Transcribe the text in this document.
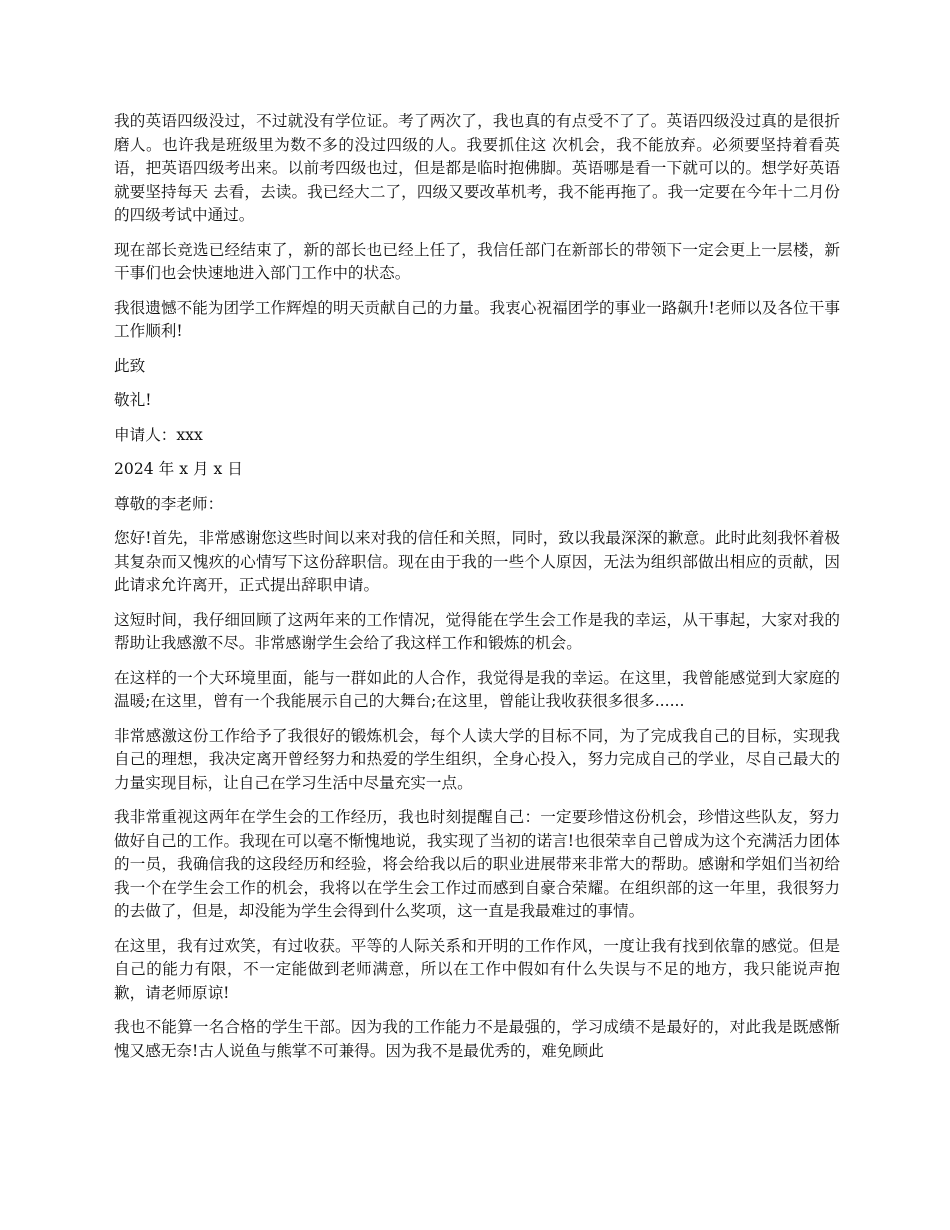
我的英语四级没过，不过就没有学位证。考了两次了，我也真的有点受不了了。英语四级没过真的是很折磨人。也许我是班级里为数不多的没过四级的人。我要抓住这 次机会，我不能放弃。必须要坚持着看英语，把英语四级考出来。以前考四级也过，但是都是临时抱佛脚。英语哪是看一下就可以的。想学好英语就要坚持每天 去看，去读。我已经大二了，四级又要改革机考，我不能再拖了。我一定要在今年十二月份的四级考试中通过。

现在部长竞选已经结束了，新的部长也已经上任了，我信任部门在新部长的带领下一定会更上一层楼，新干事们也会快速地进入部门工作中的状态。

我很遗憾不能为团学工作辉煌的明天贡献自己的力量。我衷心祝福团学的事业一路飙升!老师以及各位干事工作顺利!

此致

敬礼!

申请人：xxx

2024 年 x 月 x 日

尊敬的李老师：

您好!首先，非常感谢您这些时间以来对我的信任和关照，同时，致以我最深深的歉意。此时此刻我怀着极其复杂而又愧疚的心情写下这份辞职信。现在由于我的一些个人原因，无法为组织部做出相应的贡献，因此请求允许离开，正式提出辞职申请。

这短时间，我仔细回顾了这两年来的工作情况，觉得能在学生会工作是我的幸运，从干事起，大家对我的帮助让我感激不尽。非常感谢学生会给了我这样工作和锻炼的机会。

在这样的一个大环境里面，能与一群如此的人合作，我觉得是我的幸运。在这里，我曾能感觉到大家庭的温暖;在这里，曾有一个我能展示自己的大舞台;在这里，曾能让我收获很多很多......

非常感激这份工作给予了我很好的锻炼机会，每个人读大学的目标不同，为了完成我自己的目标，实现我自己的理想，我决定离开曾经努力和热爱的学生组织，全身心投入，努力完成自己的学业，尽自己最大的力量实现目标，让自己在学习生活中尽量充实一点。

我非常重视这两年在学生会的工作经历，我也时刻提醒自己：一定要珍惜这份机会，珍惜这些队友，努力做好自己的工作。我现在可以毫不惭愧地说，我实现了当初的诺言!也很荣幸自己曾成为这个充满活力团体的一员，我确信我的这段经历和经验，将会给我以后的职业进展带来非常大的帮助。感谢和学姐们当初给我一个在学生会工作的机会，我将以在学生会工作过而感到自豪合荣耀。在组织部的这一年里，我很努力的去做了，但是，却没能为学生会得到什么奖项，这一直是我最难过的事情。

在这里，我有过欢笑，有过收获。平等的人际关系和开明的工作作风，一度让我有找到依靠的感觉。但是自己的能力有限，不一定能做到老师满意，所以在工作中假如有什么失误与不足的地方，我只能说声抱歉，请老师原谅!

我也不能算一名合格的学生干部。因为我的工作能力不是最强的，学习成绩不是最好的，对此我是既感惭愧又感无奈!古人说鱼与熊掌不可兼得。因为我不是最优秀的，难免顾此
